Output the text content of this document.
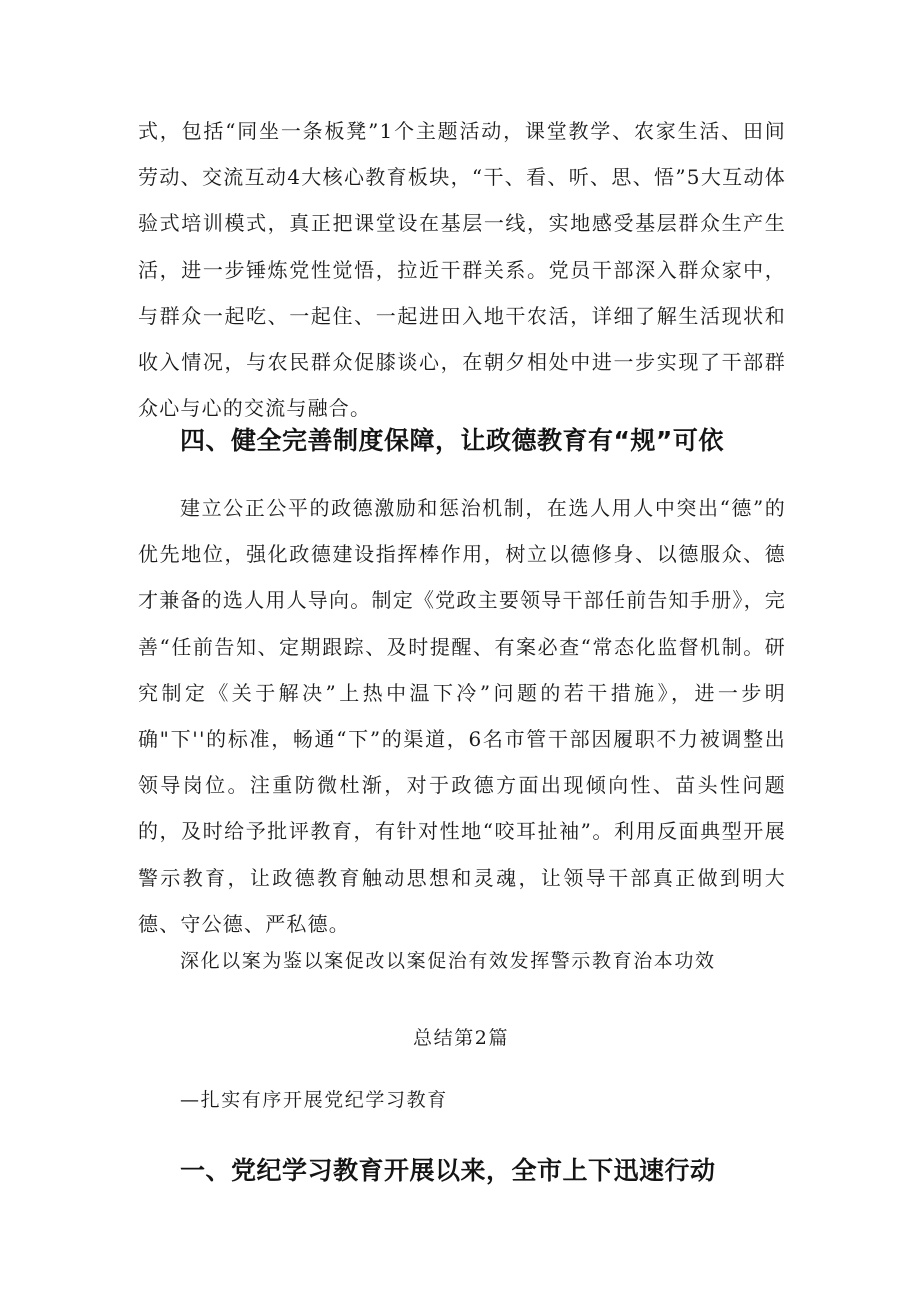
式，包括“同坐一条板凳”1个主题活动，课堂教学、农家生活、田间劳动、交流互动4大核心教育板块，“干、看、听、思、悟”5大互动体验式培训模式，真正把课堂设在基层一线，实地感受基层群众生产生活，进一步锤炼党性觉悟，拉近干群关系。党员干部深入群众家中，与群众一起吃、一起住、一起进田入地干农活，详细了解生活现状和收入情况，与农民群众促膝谈心，在朝夕相处中进一步实现了干部群众心与心的交流与融合。

四、健全完善制度保障，让政德教育有“规”可依

建立公正公平的政德激励和惩治机制，在选人用人中突出“德”的优先地位，强化政德建设指挥棒作用，树立以德修身、以德服众、德才兼备的选人用人导向。制定《党政主要领导干部任前告知手册》，完善“任前告知、定期跟踪、及时提醒、有案必查“常态化监督机制。研究制定《关于解决”上热中温下冷”问题的若干措施》，进一步明确"下''的标准，畅通“下”的渠道，6名市管干部因履职不力被调整出领导岗位。注重防微杜渐，对于政德方面出现倾向性、苗头性问题的，及时给予批评教育，有针对性地“咬耳扯袖”。利用反面典型开展警示教育，让政德教育触动思想和灵魂，让领导干部真正做到明大德、守公德、严私德。

深化以案为鉴以案促改以案促治有效发挥警示教育治本功效

总结第2篇

—扎实有序开展党纪学习教育

一、党纪学习教育开展以来，全市上下迅速行动
